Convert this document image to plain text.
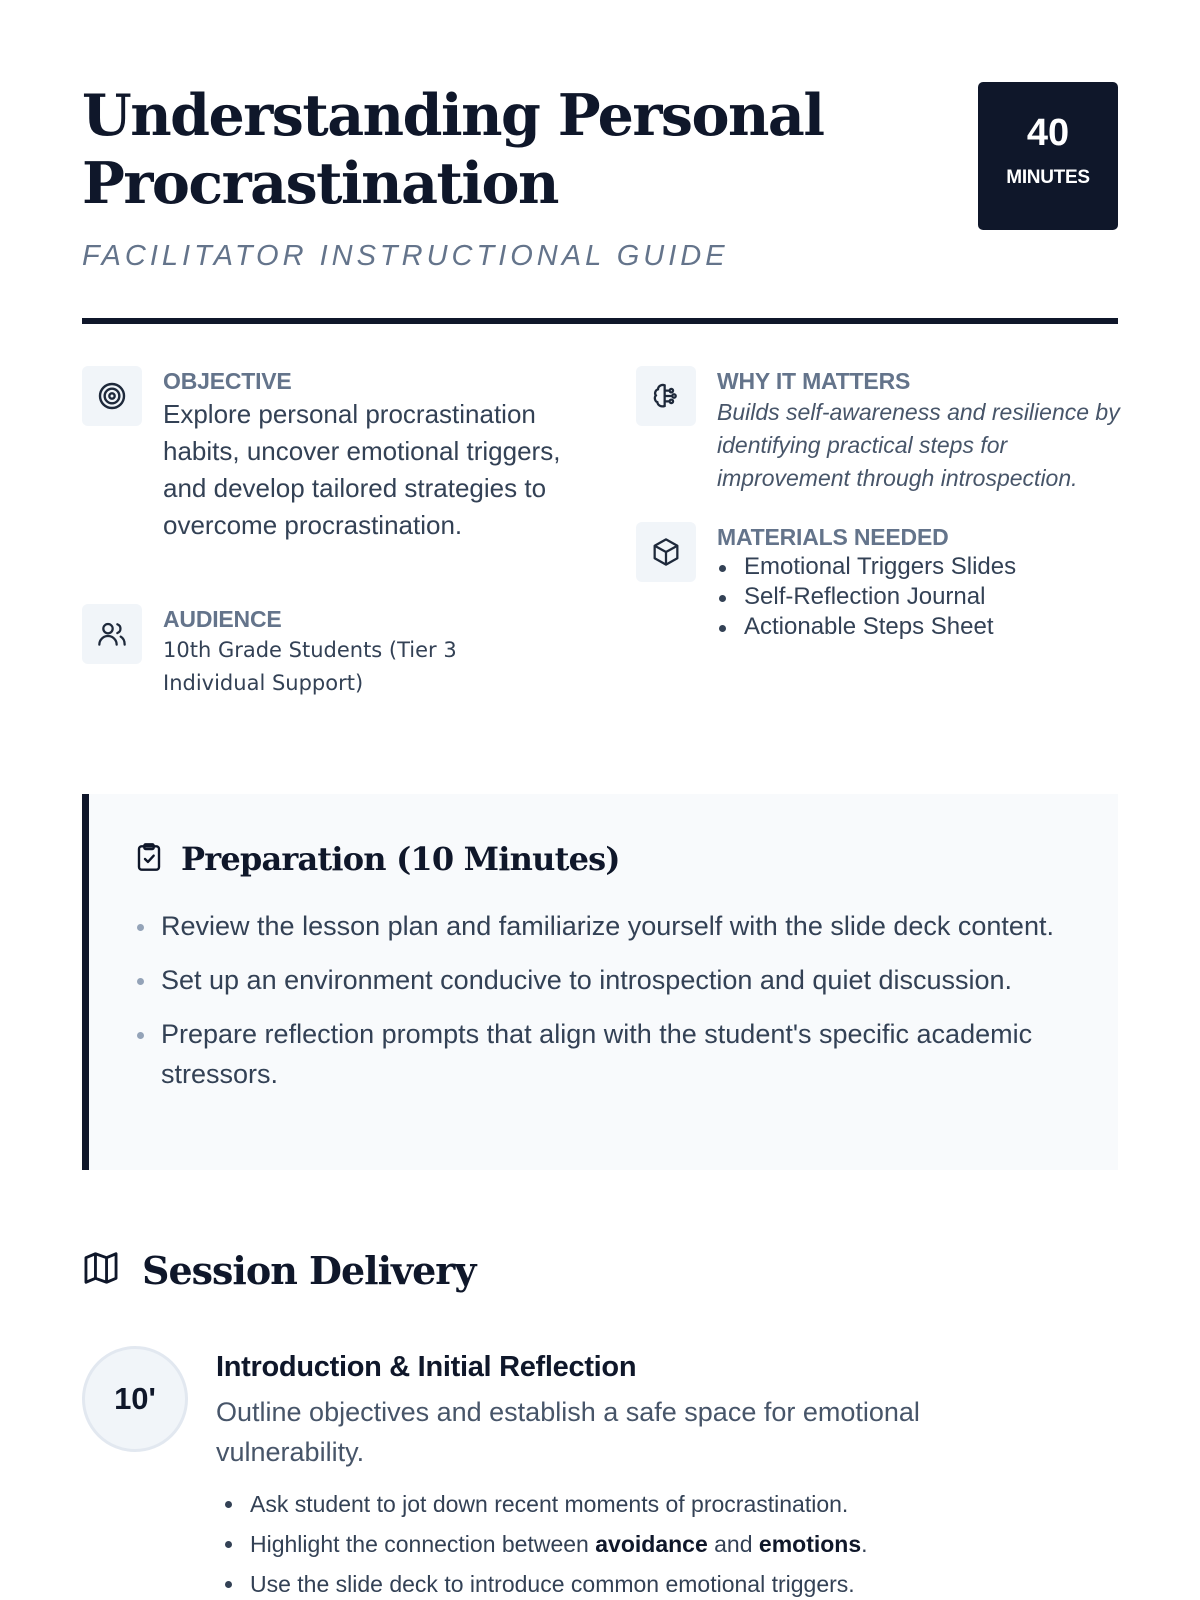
Understanding Personal Procrastination
FACILITATOR INSTRUCTIONAL GUIDE
40
MINUTES
OBJECTIVE
Explore personal procrastination habits, uncover emotional triggers, and develop tailored strategies to overcome procrastination.
AUDIENCE
10th Grade Students (Tier 3 Individual Support)
WHY IT MATTERS
Builds self-awareness and resilience by identifying practical steps for improvement through introspection.
MATERIALS NEEDED
Emotional Triggers Slides
Self-Reflection Journal
Actionable Steps Sheet
Preparation (10 Minutes)
Review the lesson plan and familiarize yourself with the slide deck content.
Set up an environment conducive to introspection and quiet discussion.
Prepare reflection prompts that align with the student's specific academic stressors.
Session Delivery
10'
Introduction & Initial Reflection
Outline objectives and establish a safe space for emotional vulnerability.
Ask student to jot down recent moments of procrastination.
Highlight the connection between avoidance and emotions.
Use the slide deck to introduce common emotional triggers.
